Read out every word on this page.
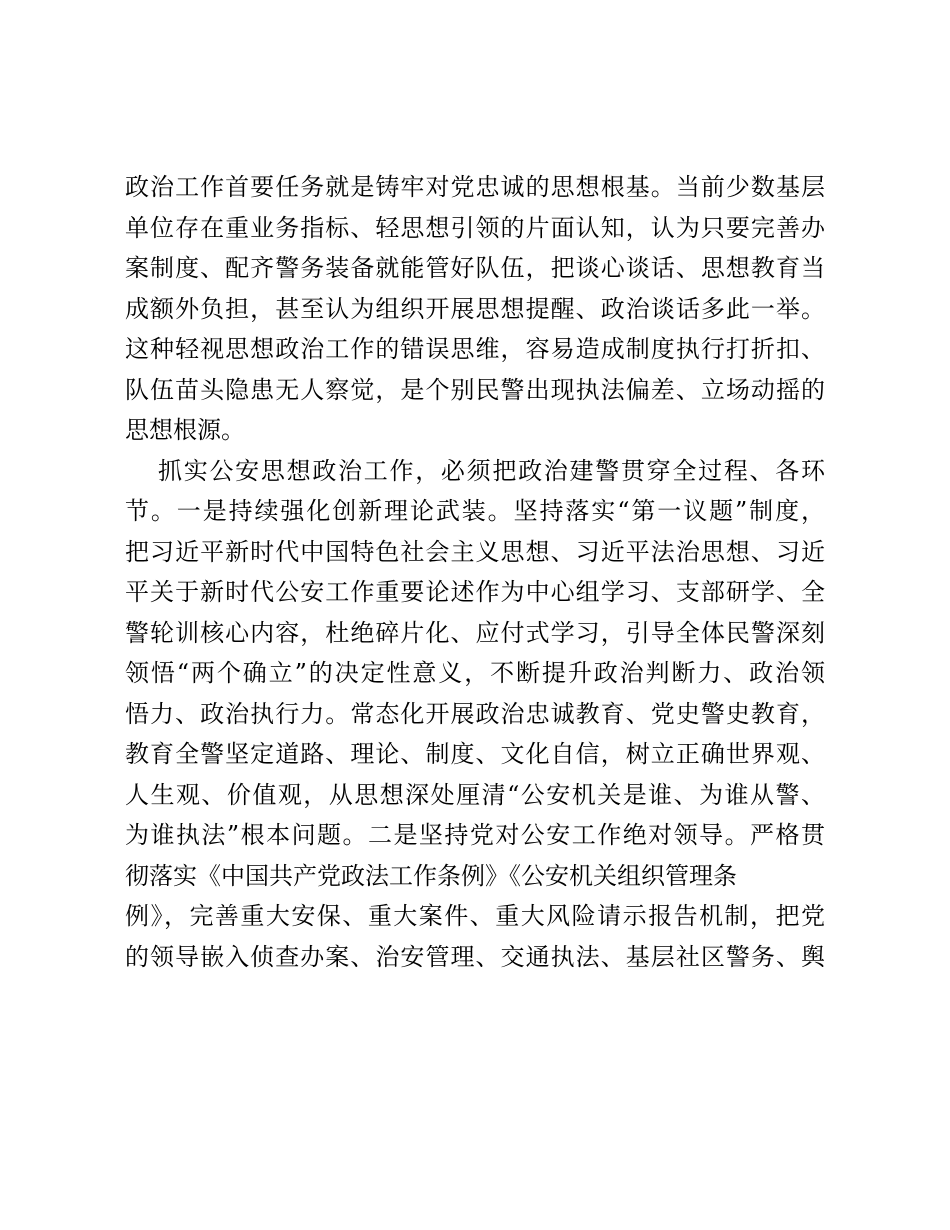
政治工作首要任务就是铸牢对党忠诚的思想根基。当前少数基层
单位存在重业务指标、轻思想引领的片面认知，认为只要完善办
案制度、配齐警务装备就能管好队伍，把谈心谈话、思想教育当
成额外负担，甚至认为组织开展思想提醒、政治谈话多此一举。
这种轻视思想政治工作的错误思维，容易造成制度执行打折扣、
队伍苗头隐患无人察觉，是个别民警出现执法偏差、立场动摇的
思想根源。
抓实公安思想政治工作，必须把政治建警贯穿全过程、各环
节。一是持续强化创新理论武装。坚持落实“第一议题”制度，
把习近平新时代中国特色社会主义思想、习近平法治思想、习近
平关于新时代公安工作重要论述作为中心组学习、支部研学、全
警轮训核心内容，杜绝碎片化、应付式学习，引导全体民警深刻
领悟“两个确立”的决定性意义，不断提升政治判断力、政治领
悟力、政治执行力。常态化开展政治忠诚教育、党史警史教育，
教育全警坚定道路、理论、制度、文化自信，树立正确世界观、
人生观、价值观，从思想深处厘清“公安机关是谁、为谁从警、
为谁执法”根本问题。二是坚持党对公安工作绝对领导。严格贯
彻落实《中国共产党政法工作条例》《公安机关组织管理条
例》，完善重大安保、重大案件、重大风险请示报告机制，把党
的领导嵌入侦查办案、治安管理、交通执法、基层社区警务、舆
